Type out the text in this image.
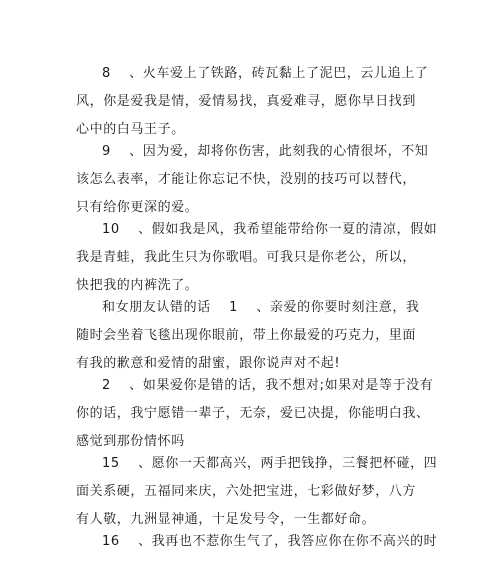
8　 、火车爱上了铁路，砖瓦黏上了泥巴，云儿追上了
风，你是爱我是情，爱情易找，真爱难寻，愿你早日找到
心中的白马王子。
9　 、因为爱，却将你伤害，此刻我的心情很坏，不知
该怎么表率，才能让你忘记不快，没别的技巧可以替代，
只有给你更深的爱。
10　 、假如我是风，我希望能带给你一夏的清凉，假如
我是青蛙，我此生只为你歌唱。可我只是你老公，所以，
快把我的内裤洗了。
和女朋友认错的话　 1　 、亲爱的你要时刻注意，我
随时会坐着飞毯出现你眼前，带上你最爱的巧克力，里面
有我的歉意和爱情的甜蜜，跟你说声对不起!
2　 、如果爱你是错的话，我不想对;如果对是等于没有
你的话，我宁愿错一辈子，无奈，爱已决提，你能明白我、
感觉到那份情怀吗
15　 、愿你一天都高兴，两手把钱挣，三餐把杯碰，四
面关系硬，五福同来庆，六处把宝进，七彩做好梦，八方
有人敬，九洲显神通，十足发号令，一生都好命。
16　 、我再也不惹你生气了，我答应你在你不高兴的时
